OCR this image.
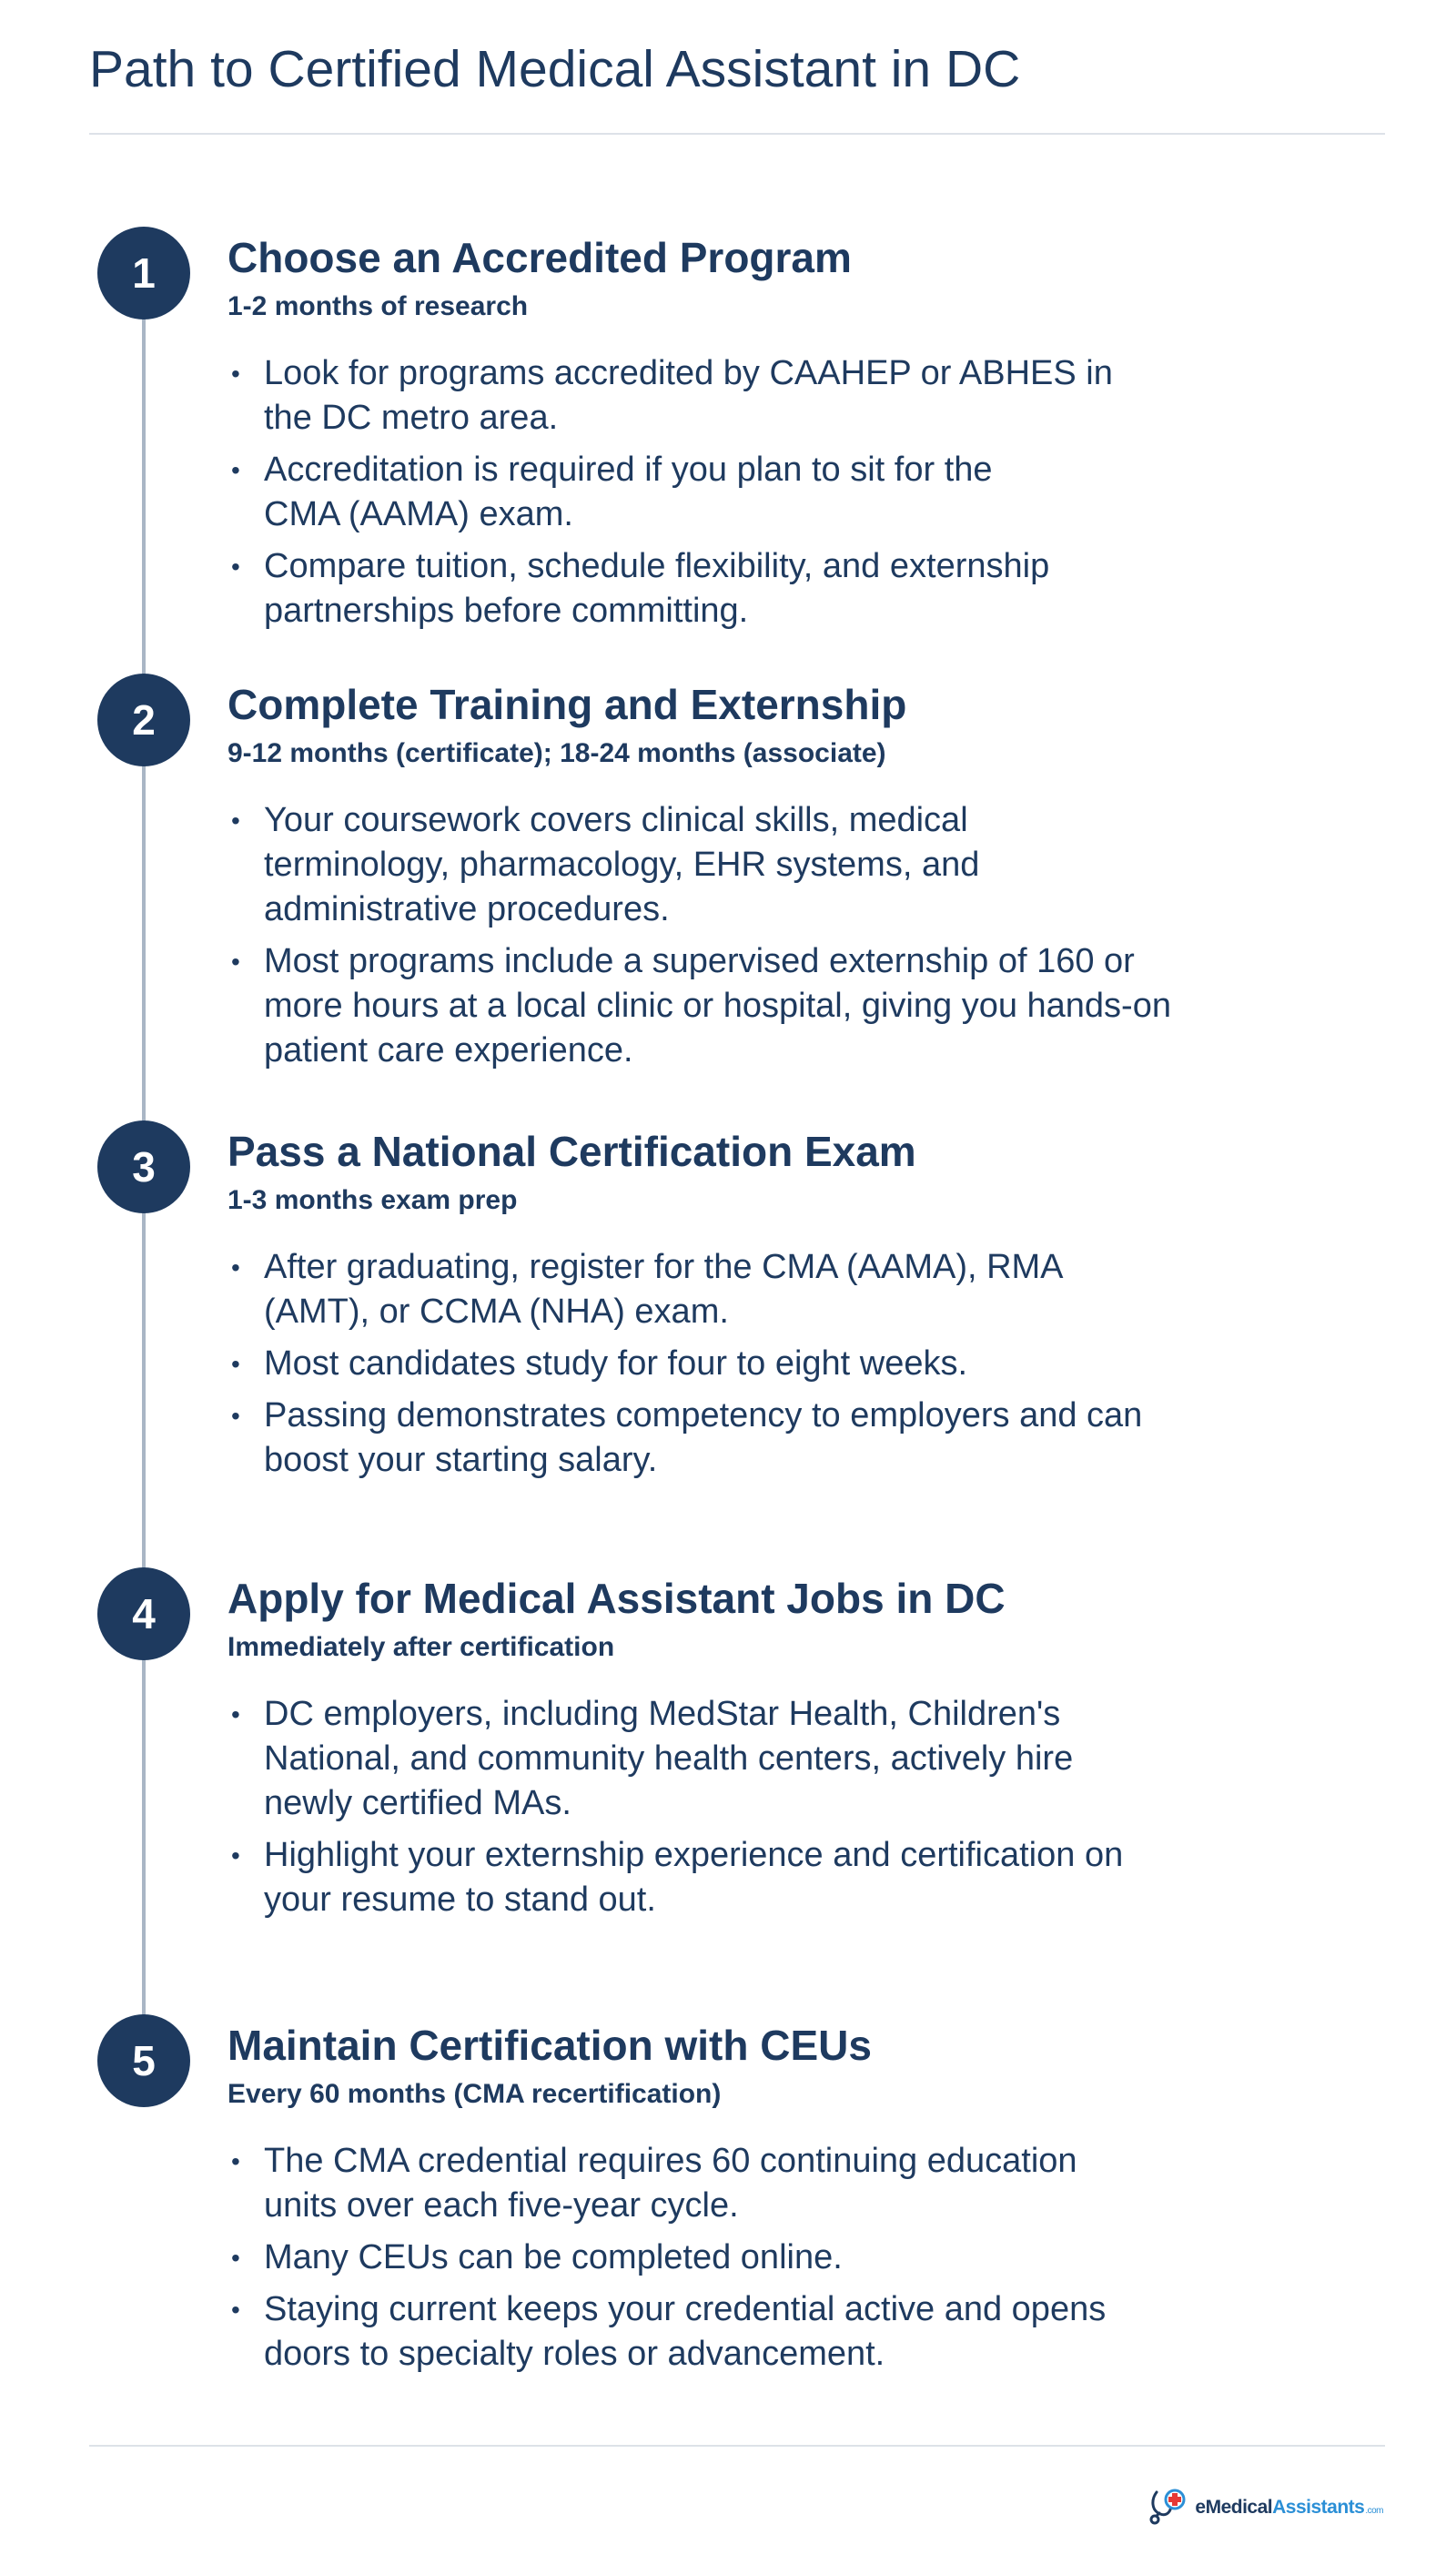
Path to Certified Medical Assistant in DC
1	Choose an Accredited Program

1-2 months of research

• Look for programs accredited by CAAHEP or ABHES in the DC metro area.
• Accreditation is required if you plan to sit for the CMA (AAMA) exam.
• Compare tuition, schedule flexibility, and externship partnerships before committing.
2	Complete Training and Externship

9-12 months (certificate); 18-24 months (associate)

• Your coursework covers clinical skills, medical terminology, pharmacology, EHR systems, and administrative procedures.
• Most programs include a supervised externship of 160 or more hours at a local clinic or hospital, giving you hands-on patient care experience.
3	Pass a National Certification Exam

1-3 months exam prep

• After graduating, register for the CMA (AAMA), RMA (AMT), or CCMA (NHA) exam.
• Most candidates study for four to eight weeks.
• Passing demonstrates competency to employers and can boost your starting salary.
4	Apply for Medical Assistant Jobs in DC

Immediately after certification

• DC employers, including MedStar Health, Children's National, and community health centers, actively hire newly certified MAs.
• Highlight your externship experience and certification on your resume to stand out.
5	Maintain Certification with CEUs

Every 60 months (CMA recertification)

• The CMA credential requires 60 continuing education units over each five-year cycle.
• Many CEUs can be completed online.
• Staying current keeps your credential active and opens doors to specialty roles or advancement.
eMedicalAssistants.com
